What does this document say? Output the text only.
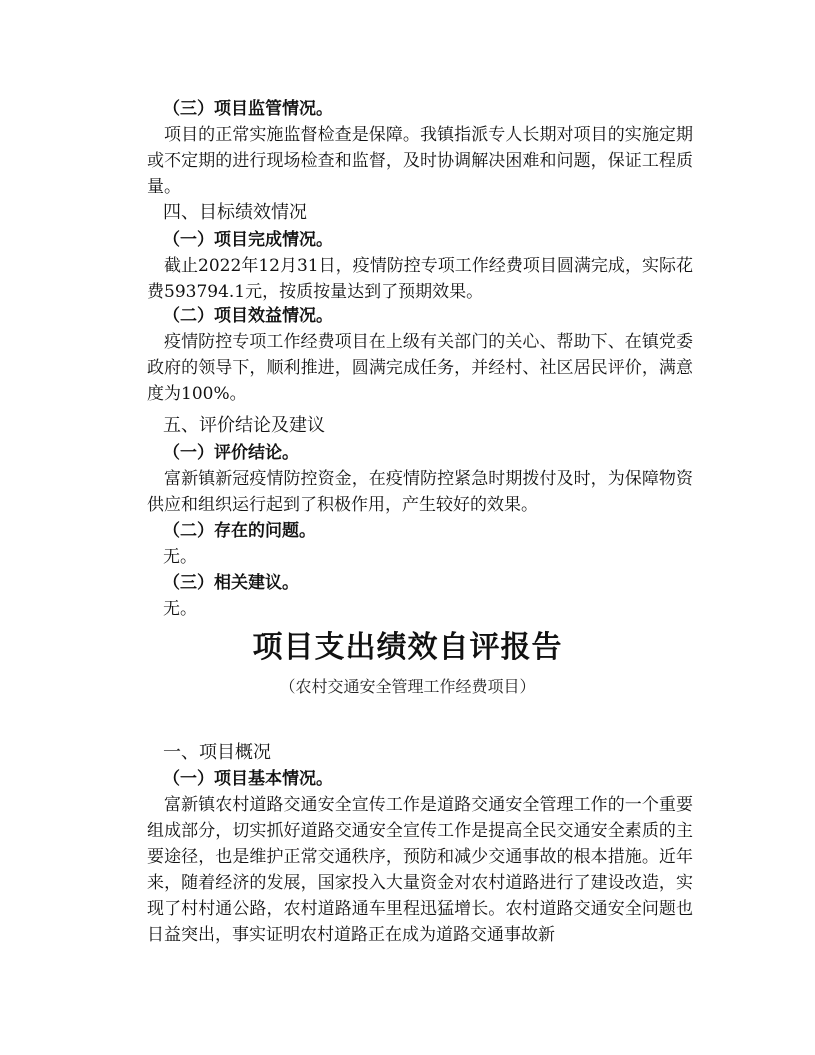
（三）项目监管情况。

项目的正常实施监督检查是保障。我镇指派专人长期对项目的实施定期或不定期的进行现场检查和监督，及时协调解决困难和问题，保证工程质量。

四、目标绩效情况
（一）项目完成情况。

截止2022年12月31日，疫情防控专项工作经费项目圆满完成，实际花费593794.1元，按质按量达到了预期效果。

（二）项目效益情况。

疫情防控专项工作经费项目在上级有关部门的关心、帮助下、在镇党委政府的领导下，顺利推进，圆满完成任务，并经村、社区居民评价，满意度为100%。

五、评价结论及建议
（一）评价结论。

富新镇新冠疫情防控资金，在疫情防控紧急时期拨付及时，为保障物资供应和组织运行起到了积极作用，产生较好的效果。

（二）存在的问题。
无。
（三）相关建议。
无。
项目支出绩效自评报告
（农村交通安全管理工作经费项目）
一、项目概况
（一）项目基本情况。

富新镇农村道路交通安全宣传工作是道路交通安全管理工作的一个重要组成部分，切实抓好道路交通安全宣传工作是提高全民交通安全素质的主要途径，也是维护正常交通秩序，预防和减少交通事故的根本措施。近年来，随着经济的发展，国家投入大量资金对农村道路进行了建设改造，实现了村村通公路，农村道路通车里程迅猛增长。农村道路交通安全问题也日益突出，事实证明农村道路正在成为道路交通事故新
